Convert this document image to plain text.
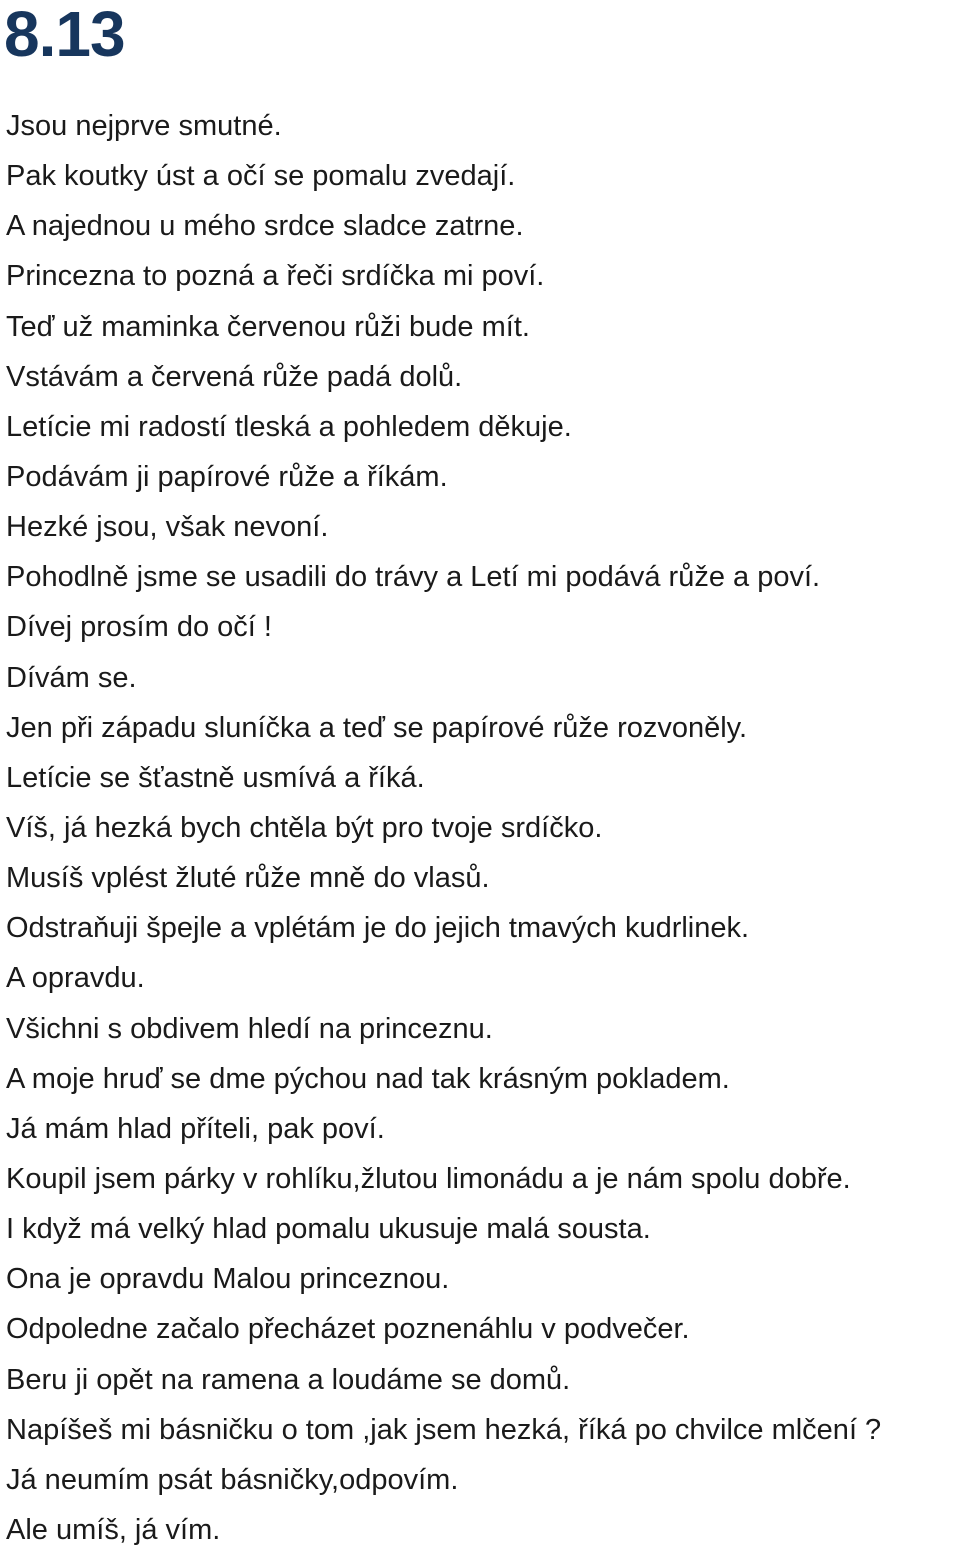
8.13
Jsou nejprve smutné.
Pak koutky úst a očí se pomalu zvedají.
A najednou u mého srdce sladce zatrne.
Princezna to pozná a řeči srdíčka mi poví.
Teď už maminka červenou růži bude mít.
Vstávám a červená růže padá dolů.
Letície mi radostí tleská a pohledem děkuje.
Podávám ji papírové růže a říkám.
Hezké jsou, však nevoní.
Pohodlně jsme se usadili do trávy a Letí mi podává růže a poví.
Dívej prosím do očí !
Dívám se.
Jen při západu sluníčka a teď se papírové růže rozvoněly.
Letície se šťastně usmívá a říká.
Víš, já hezká bych chtěla být pro tvoje srdíčko.
Musíš vplést žluté růže mně do vlasů.
Odstraňuji špejle a vplétám je do jejich tmavých kudrlinek.
A opravdu.
Všichni s obdivem hledí na princeznu.
A moje hruď se dme pýchou nad tak krásným pokladem.
Já mám hlad příteli, pak poví.
Koupil jsem párky v rohlíku,žlutou limonádu a je nám spolu dobře.
I když má velký hlad pomalu ukusuje malá sousta.
Ona je opravdu Malou princeznou.
Odpoledne začalo přecházet poznenáhlu v podvečer.
Beru ji opět na ramena a loudáme se domů.
Napíšeš mi básničku o tom ,jak jsem hezká, říká po chvilce mlčení ?
Já neumím psát básničky,odpovím.
Ale umíš, já vím.
